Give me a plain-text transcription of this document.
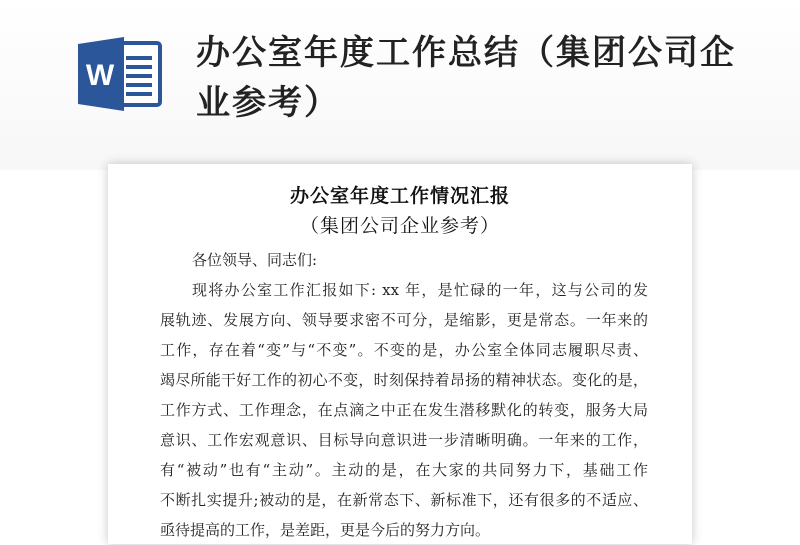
W
办公室年度工作总结（集团公司企业参考）
办公室年度工作情况汇报
（集团公司企业参考）
各位领导、同志们:
现将办公室工作汇报如下: xx 年，是忙碌的一年，这与公司的发
展轨迹、发展方向、领导要求密不可分，是缩影，更是常态。一年来的
工作，存在着“变”与“不变”。不变的是，办公室全体同志履职尽责、
竭尽所能干好工作的初心不变，时刻保持着昂扬的精神状态。变化的是，
工作方式、工作理念，在点滴之中正在发生潜移默化的转变，服务大局
意识、工作宏观意识、目标导向意识进一步清晰明确。一年来的工作，
有“被动”也有“主动”。主动的是，在大家的共同努力下，基础工作
不断扎实提升;被动的是，在新常态下、新标准下，还有很多的不适应、
亟待提高的工作，是差距，更是今后的努力方向。
